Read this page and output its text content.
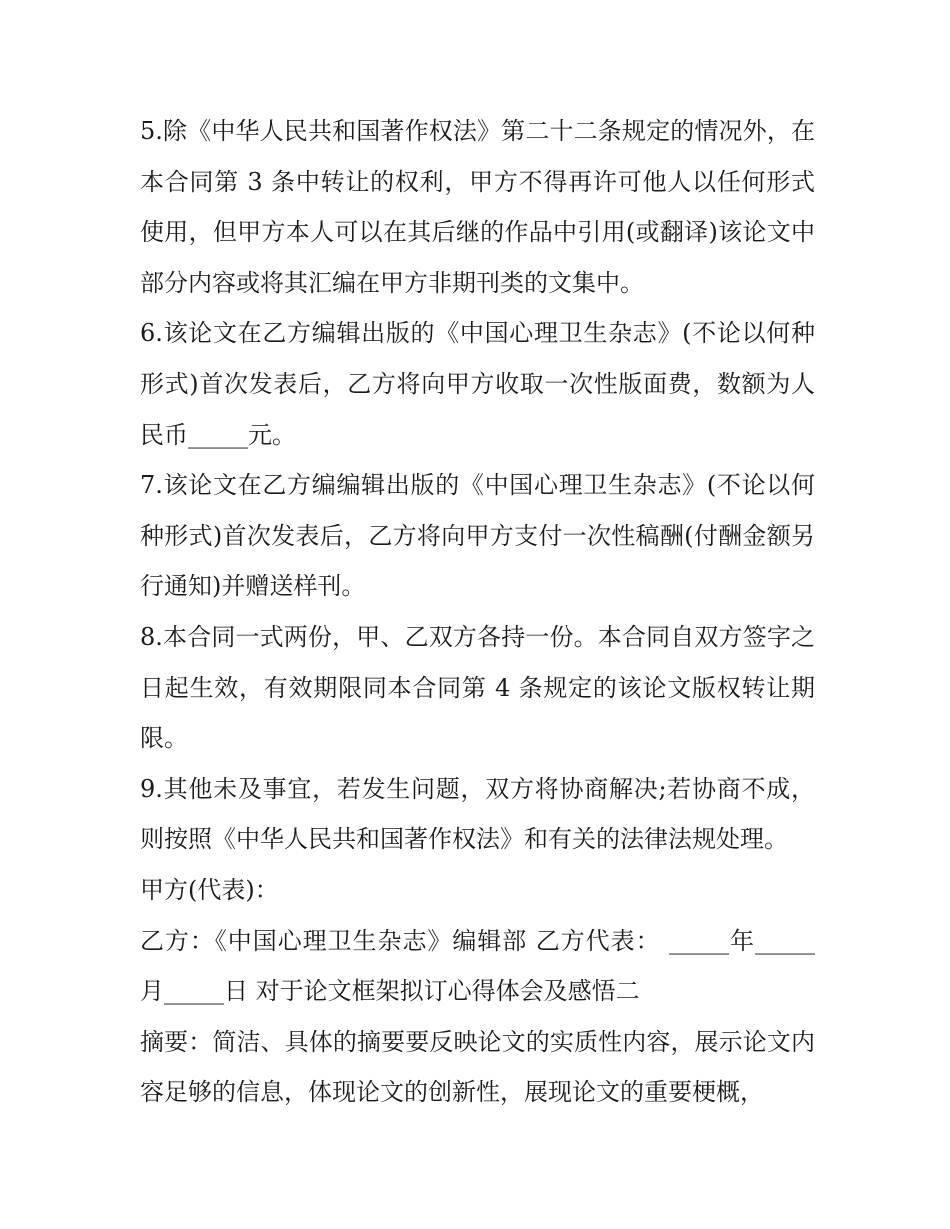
5.除《中华人民共和国著作权法》第二十二条规定的情况外，在本合同第 3 条中转让的权利，甲方不得再许可他人以任何形式使用，但甲方本人可以在其后继的作品中引用(或翻译)该论文中部分内容或将其汇编在甲方非期刊类的文集中。

6.该论文在乙方编辑出版的《中国心理卫生杂志》(不论以何种形式)首次发表后，乙方将向甲方收取一次性版面费，数额为人民币_____元。

7.该论文在乙方编编辑出版的《中国心理卫生杂志》(不论以何种形式)首次发表后，乙方将向甲方支付一次性稿酬(付酬金额另行通知)并赠送样刊。

8.本合同一式两份，甲、乙双方各持一份。本合同自双方签字之日起生效，有效期限同本合同第 4 条规定的该论文版权转让期限。

9.其他未及事宜，若发生问题，双方将协商解决;若协商不成，则按照《中华人民共和国著作权法》和有关的法律法规处理。

甲方(代表)：

乙方：《中国心理卫生杂志》编辑部 乙方代表： _____年_____月_____日 对于论文框架拟订心得体会及感悟二

摘要：简洁、具体的摘要要反映论文的实质性内容，展示论文内容足够的信息，体现论文的创新性，展现论文的重要梗概，
